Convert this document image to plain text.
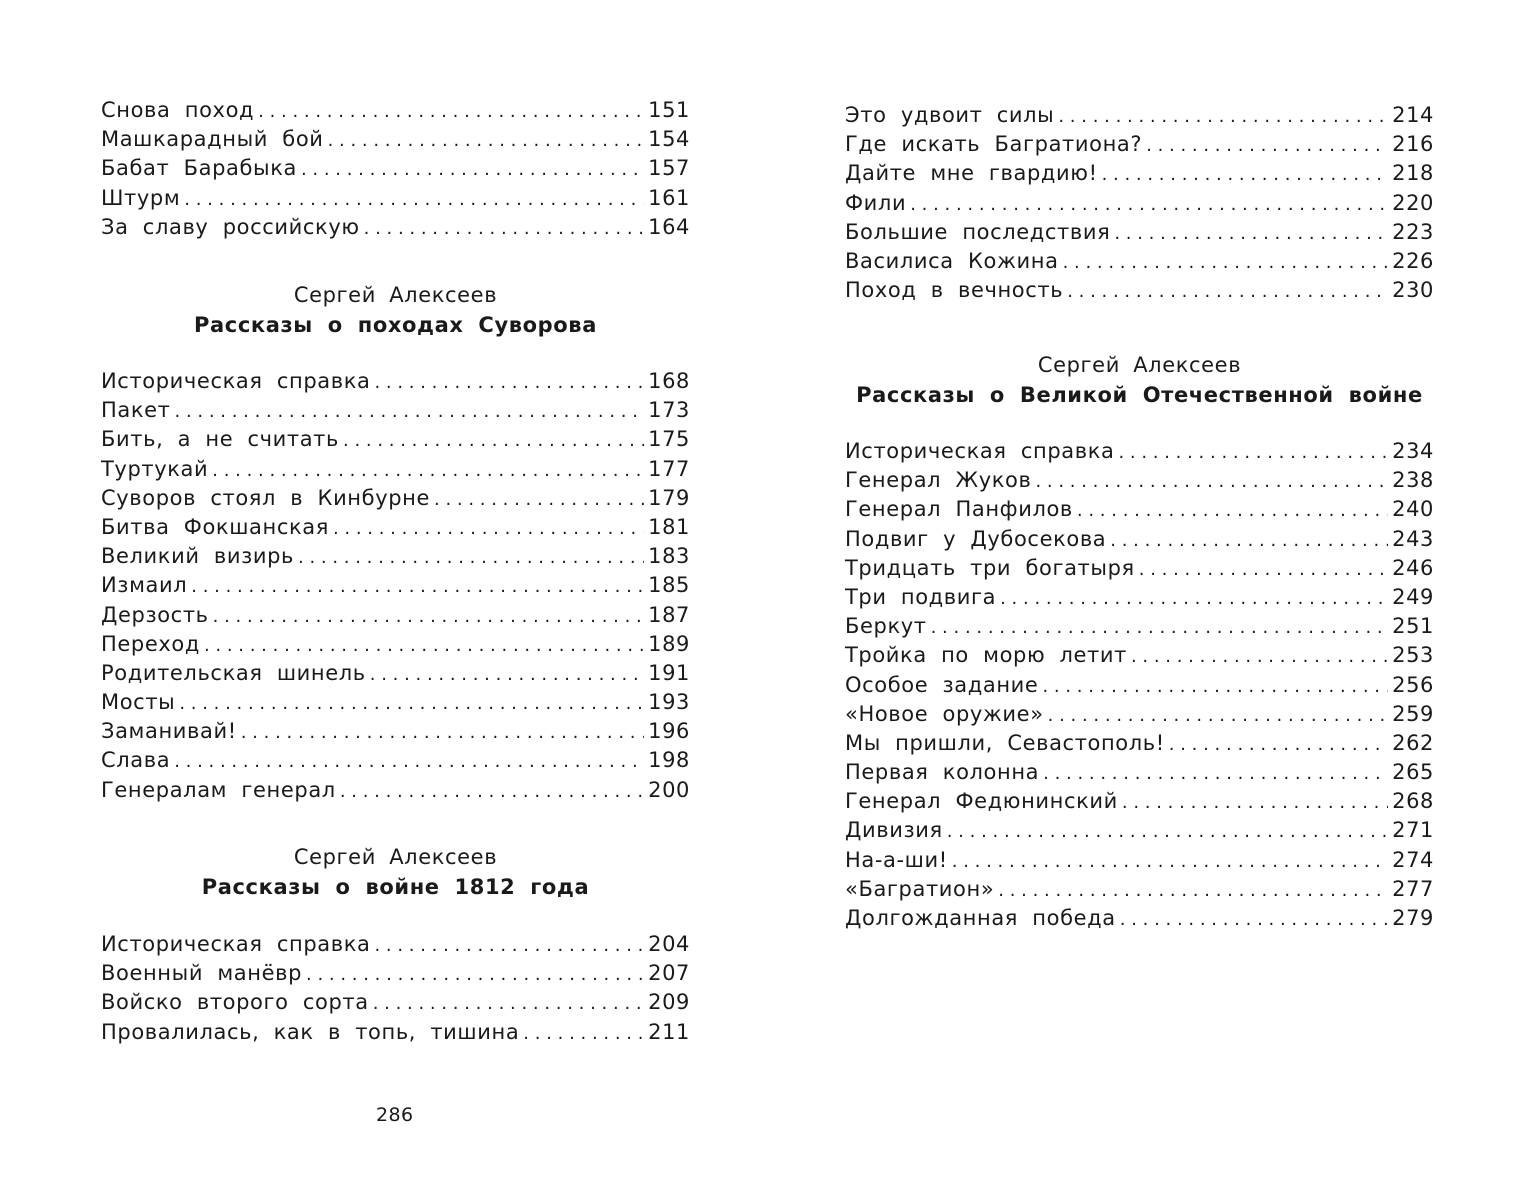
Снова поход . . .	151
Машкарадный бой . . .	154
Бабат Барабыка . . .	157
Штурм . . .	161
За славу российскую . . .	164
Сергей Алексеев
Рассказы о походах Суворова
Историческая справка . . .	168
Пакет . . .	173
Бить, а не считать . . .	175
Туртукай . . .	177
Суворов стоял в Кинбурне . . .	179
Битва Фокшанская . . .	181
Великий визирь . . .	183
Измаил . . .	185
Дерзость . . .	187
Переход . . .	189
Родительская шинель . . .	191
Мосты . . .	193
Заманивай! . . .	196
Слава . . .	198
Генералам генерал . . .	200
Сергей Алексеев
Рассказы о войне 1812 года
Историческая справка . . .	204
Военный манёвр . . .	207
Войско второго сорта . . .	209
Провалилась, как в топь, тишина . . .	211
286
Это удвоит силы . . .	214
Где искать Багратиона? . . .	216
Дайте мне гвардию! . . .	218
Фили . . .	220
Большие последствия . . .	223
Василиса Кожина . . .	226
Поход в вечность . . .	230
Сергей Алексеев
Рассказы о Великой Отечественной войне
Историческая справка . . .	234
Генерал Жуков . . .	238
Генерал Панфилов . . .	240
Подвиг у Дубосекова . . .	243
Тридцать три богатыря . . .	246
Три подвига . . .	249
Беркут . . .	251
Тройка по морю летит . . .	253
Особое задание . . .	256
«Новое оружие» . . .	259
Мы пришли, Севастополь! . . .	262
Первая колонна . . .	265
Генерал Федюнинский . . .	268
Дивизия . . .	271
На-а-ши! . . .	274
«Багратион» . . .	277
Долгожданная победа . . .	279
